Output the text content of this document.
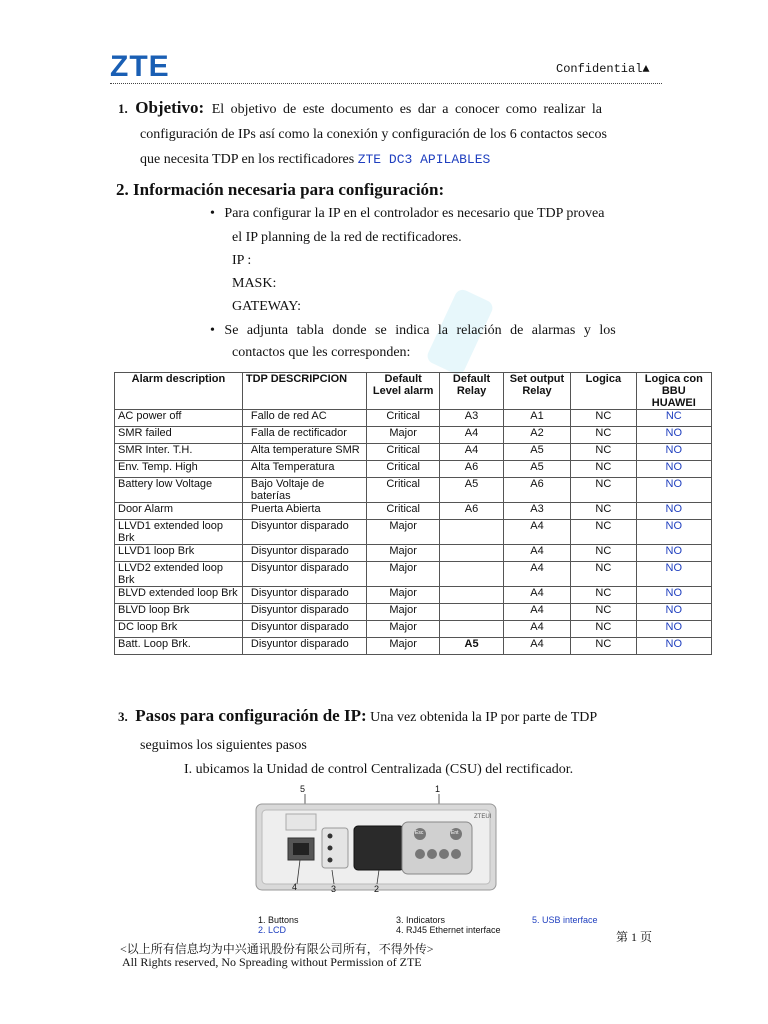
ZTE	Confidential▲
1. Objetivo: El objetivo de este documento es dar a conocer como realizar la
configuración de IPs así como la conexión y configuración de los 6 contactos secos
que necesita TDP en los rectificadores ZTE DC3 APILABLES
2. Información necesaria para configuración:
• Para configurar la IP en el controlador es necesario que TDP provea
el IP planning de la red de rectificadores.
IP :
MASK:
GATEWAY:
• Se adjunta tabla donde se indica la relación de alarmas y los
contactos que les corresponden:
Alarm description	TDP DESCRIPCION	Default Level alarm	Default Relay	Set output Relay	Logica	Logica con BBU HUAWEI
AC power off	Fallo de red AC	Critical	A3	A1	NC	NC
SMR failed	Falla de rectificador	Major	A4	A2	NC	NO
SMR Inter. T.H.	Alta temperature SMR	Critical	A4	A5	NC	NO
Env. Temp. High	Alta Temperatura	Critical	A6	A5	NC	NO
Battery low Voltage	Bajo Voltaje de baterías	Critical	A5	A6	NC	NO
Door Alarm	Puerta Abierta	Critical	A6	A3	NC	NO
LLVD1 extended loop Brk	Disyuntor disparado	Major		A4	NC	NO
LLVD1 loop Brk	Disyuntor disparado	Major		A4	NC	NO
LLVD2 extended loop Brk	Disyuntor disparado	Major		A4	NC	NO
BLVD extended loop Brk	Disyuntor disparado	Major		A4	NC	NO
BLVD loop Brk	Disyuntor disparado	Major		A4	NC	NO
DC loop Brk	Disyuntor disparado	Major		A4	NC	NO
Batt. Loop Brk.	Disyuntor disparado	Major	A5	A4	NC	NO
3. Pasos para configuración de IP: Una vez obtenida la IP por parte de TDP
seguimos los siguientes pasos
I. ubicamos la Unidad de control Centralizada (CSU) del rectificador.
5	1
4	3	2
ZTEUI
Esc	Ent
1. Buttons
2. LCD
3. Indicators
4. RJ45 Ethernet interface
5. USB interface
第 1 页
<以上所有信息均为中兴通讯股份有限公司所有，不得外传>
All Rights reserved, No Spreading without Permission of ZTE
